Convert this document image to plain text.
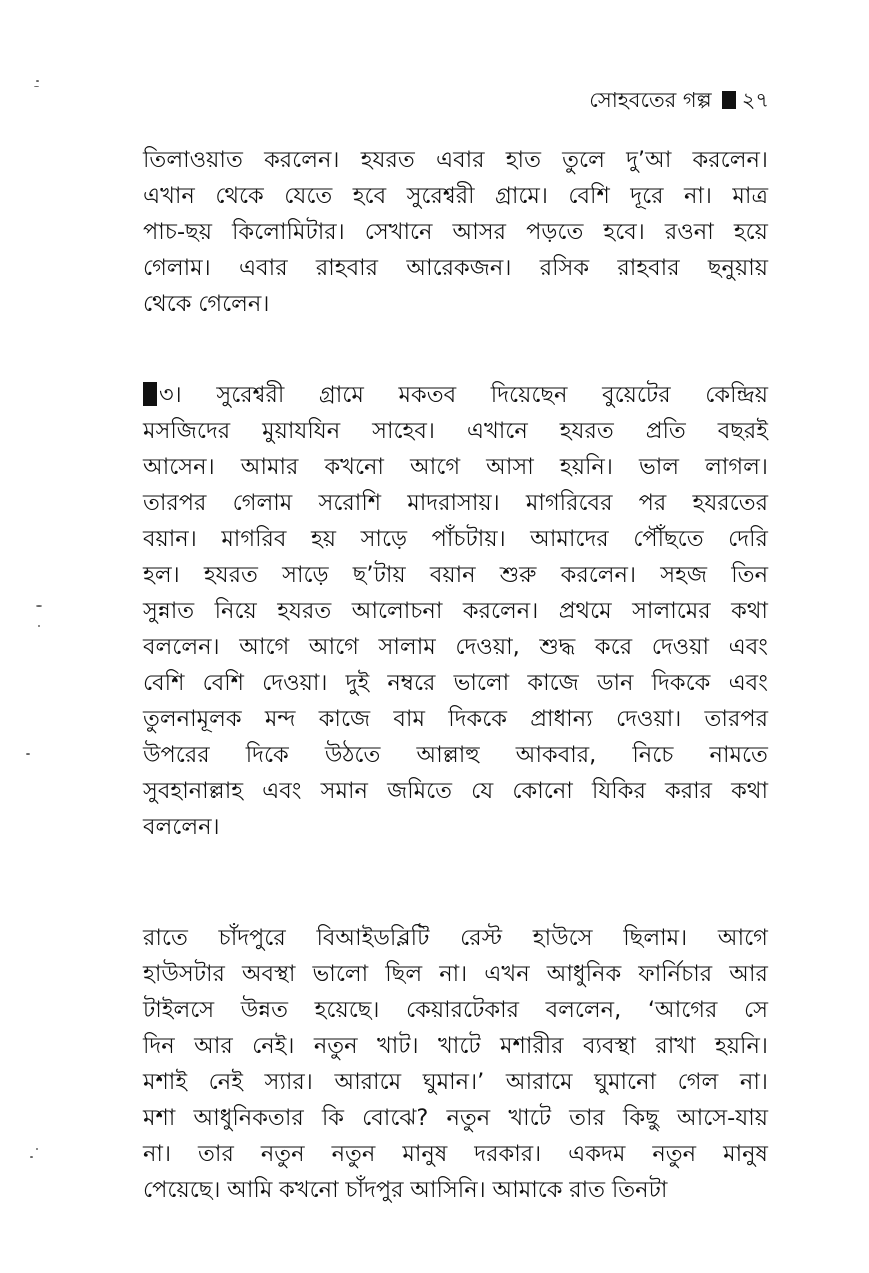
সোহবতের গল্প ২৭
তিলাওয়াত করলেন। হযরত এবার হাত তুলে দু’আ করলেন।
এখান থেকে যেতে হবে সুরেশ্বরী গ্রামে। বেশি দূরে না। মাত্র
পাচ-ছয় কিলোমিটার। সেখানে আসর পড়তে হবে। রওনা হয়ে
গেলাম। এবার রাহবার আরেকজন। রসিক রাহবার ছনুয়ায়
থেকে গেলেন।
৩। সুরেশ্বরী গ্রামে মকতব দিয়েছেন বুয়েটের কেন্দ্রিয়
মসজিদের মুয়াযযিন সাহেব। এখানে হযরত প্রতি বছরই
আসেন। আমার কখনো আগে আসা হয়নি। ভাল লাগল।
তারপর গেলাম সরোশি মাদরাসায়। মাগরিবের পর হযরতের
বয়ান। মাগরিব হয় সাড়ে পাঁচটায়। আমাদের পৌঁছতে দেরি
হল। হযরত সাড়ে ছ’টায় বয়ান শুরু করলেন। সহজ তিন
সুন্নাত নিয়ে হযরত আলোচনা করলেন। প্রথমে সালামের কথা
বললেন। আগে আগে সালাম দেওয়া, শুদ্ধ করে দেওয়া এবং
বেশি বেশি দেওয়া। দুই নম্বরে ভালো কাজে ডান দিককে এবং
তুলনামূলক মন্দ কাজে বাম দিককে প্রাধান্য দেওয়া। তারপর
উপরের দিকে উঠতে আল্লাহু আকবার, নিচে নামতে
সুবহানাল্লাহ এবং সমান জমিতে যে কোনো যিকির করার কথা
বললেন।
রাতে চাঁদপুরে বিআইডব্লিটি রেস্ট হাউসে ছিলাম। আগে
হাউসটার অবস্থা ভালো ছিল না। এখন আধুনিক ফার্নিচার আর
টাইলসে উন্নত হয়েছে। কেয়ারটেকার বললেন, ‘আগের সে
দিন আর নেই। নতুন খাট। খাটে মশারীর ব্যবস্থা রাখা হয়নি।
মশাই নেই স্যার। আরামে ঘুমান।’ আরামে ঘুমানো গেল না।
মশা আধুনিকতার কি বোঝে? নতুন খাটে তার কিছু আসে-যায়
না। তার নতুন নতুন মানুষ দরকার। একদম নতুন মানুষ
পেয়েছে। আমি কখনো চাঁদপুর আসিনি। আমাকে রাত তিনটা
